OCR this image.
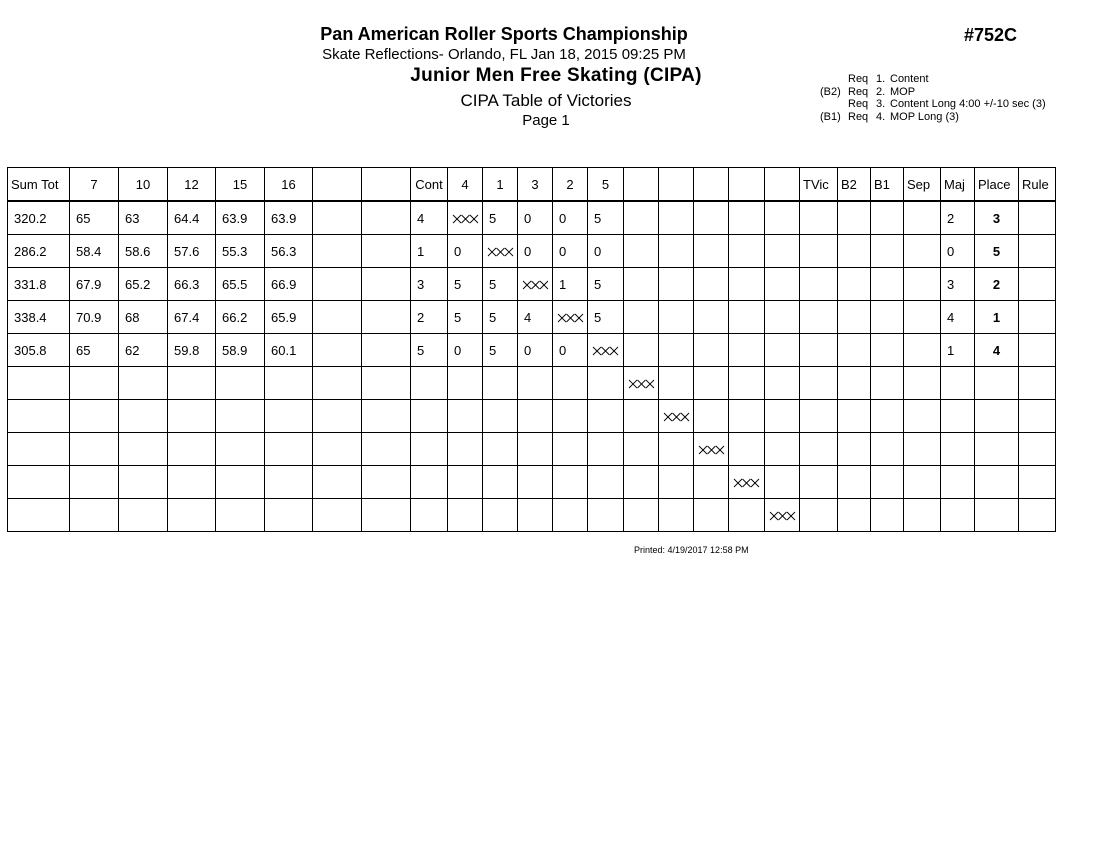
Pan American Roller Sports Championship
Skate Reflections- Orlando, FL Jan 18, 2015 09:25 PM
Junior Men Free Skating (CIPA)
CIPA Table of Victories
Page 1
#752C
Req 1. Content
(B2) Req 2. MOP
Req 3. Content Long 4:00 +/-10 sec (3)
(B1) Req 4. MOP Long (3)
Sum Tot	7	10	12	15	16			Cont	4	1	3	2	5						TVic	B2	B1	Sep	Maj	Place	Rule
320.2	65	63	64.4	63.9	63.9			4		5	0	0	5										2	3	
286.2	58.4	58.6	57.6	55.3	56.3			1	0		0	0	0										0	5	
331.8	67.9	65.2	66.3	65.5	66.9			3	5	5		1	5										3	2	
338.4	70.9	68	67.4	66.2	65.9			2	5	5	4		5										4	1	
305.8	65	62	59.8	58.9	60.1			5	0	5	0	0											1	4	

Printed: 4/19/2017 12:58 PM
